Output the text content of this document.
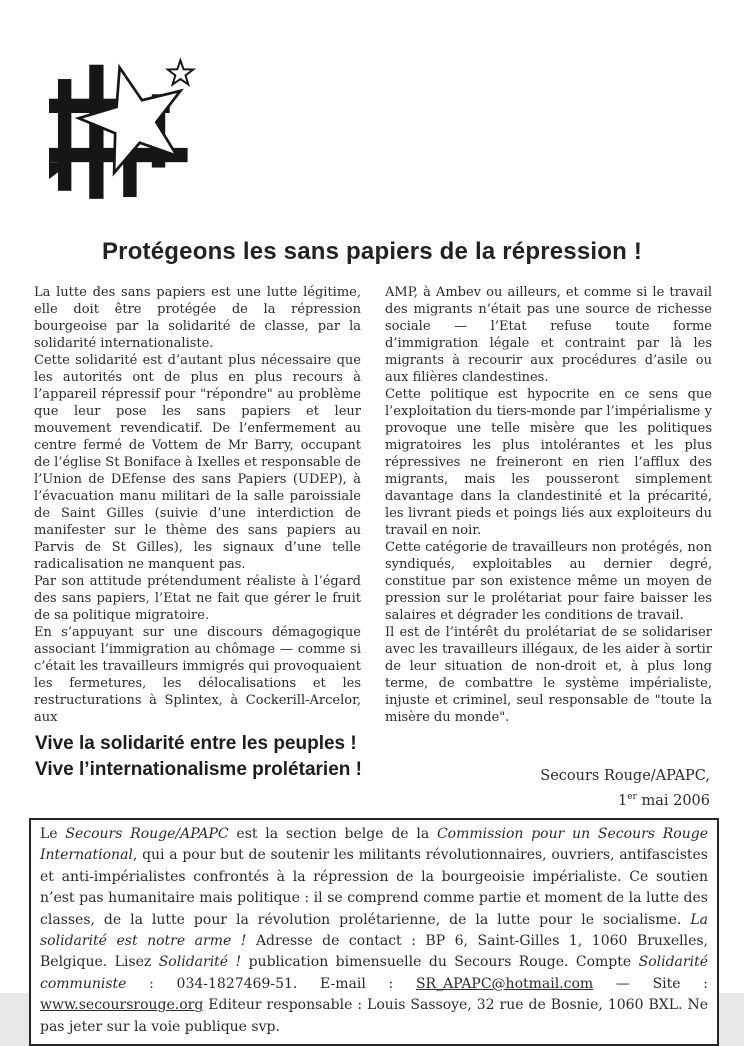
Protégeons les sans papiers de la répression !

La lutte des sans papiers est une lutte légitime, elle doit être protégée de la répression bourgeoise par la solidarité de classe, par la solidarité internationaliste.

Cette solidarité est d’autant plus nécessaire que les autorités ont de plus en plus recours à l’appareil répressif pour "répondre" au problème que leur pose les sans papiers et leur mouvement revendicatif. De l’enfermement au centre fermé de Vottem de Mr Barry, occupant de l’église St Boniface à Ixelles et responsable de l’Union de DEfense des sans Papiers (UDEP), à l’évacuation manu militari de la salle paroissiale de Saint Gilles (suivie d’une interdiction de manifester sur le thème des sans papiers au Parvis de St Gilles), les signaux d’une telle radicalisation ne manquent pas.

Par son attitude prétendument réaliste à l’égard des sans papiers, l’Etat ne fait que gérer le fruit de sa politique migratoire.

En s’appuyant sur une discours démagogique associant l’immigration au chômage — comme si c’était les travailleurs immigrés qui provoquaient les fermetures, les délocalisations et les restructurations à Splintex, à Cockerill-Arcelor, aux

AMP, à Ambev ou ailleurs, et comme si le travail des migrants n’était pas une source de richesse sociale — l’Etat refuse toute forme d’immigration légale et contraint par là les migrants à recourir aux procédures d’asile ou aux filières clandestines.

Cette politique est hypocrite en ce sens que l’exploitation du tiers-monde par l’impérialisme y provoque une telle misère que les politiques migratoires les plus intolérantes et les plus répressives ne freineront en rien l’afflux des migrants, mais les pousseront simplement davantage dans la clandestinité et la précarité, les livrant pieds et poings liés aux exploiteurs du travail en noir.

Cette catégorie de travailleurs non protégés, non syndiqués, exploitables au dernier degré, constitue par son existence même un moyen de pression sur le prolétariat pour faire baisser les salaires et dégrader les conditions de travail.

Il est de l’intérêt du prolétariat de se solidariser avec les travailleurs illégaux, de les aider à sortir de leur situation de non-droit et, à plus long terme, de combattre le système impérialiste, injuste et criminel, seul responsable de "toute la misère du monde".

Vive la solidarité entre les peuples !
Vive l’internationalisme prolétarien !	Secours Rouge/APAPC,
1er mai 2006
Le Secours Rouge/APAPC est la section belge de la Commission pour un Secours Rouge International, qui a pour but de soutenir les militants révolutionnaires, ouvriers, antifascistes et anti-impérialistes confrontés à la répression de la bourgeoisie impérialiste. Ce soutien n’est pas humanitaire mais politique : il se comprend comme partie et moment de la lutte des classes, de la lutte pour la révolution prolétarienne, de la lutte pour le socialisme. La solidarité est notre arme ! Adresse de contact : BP 6, Saint-Gilles 1, 1060 Bruxelles, Belgique. Lisez Solidarité ! publication bimensuelle du Secours Rouge. Compte Solidarité communiste : 034-1827469-51. E-mail : SR_APAPC@hotmail.com — Site : www.secoursrouge.org Editeur responsable : Louis Sassoye, 32 rue de Bosnie, 1060 BXL. Ne pas jeter sur la voie publique svp.
